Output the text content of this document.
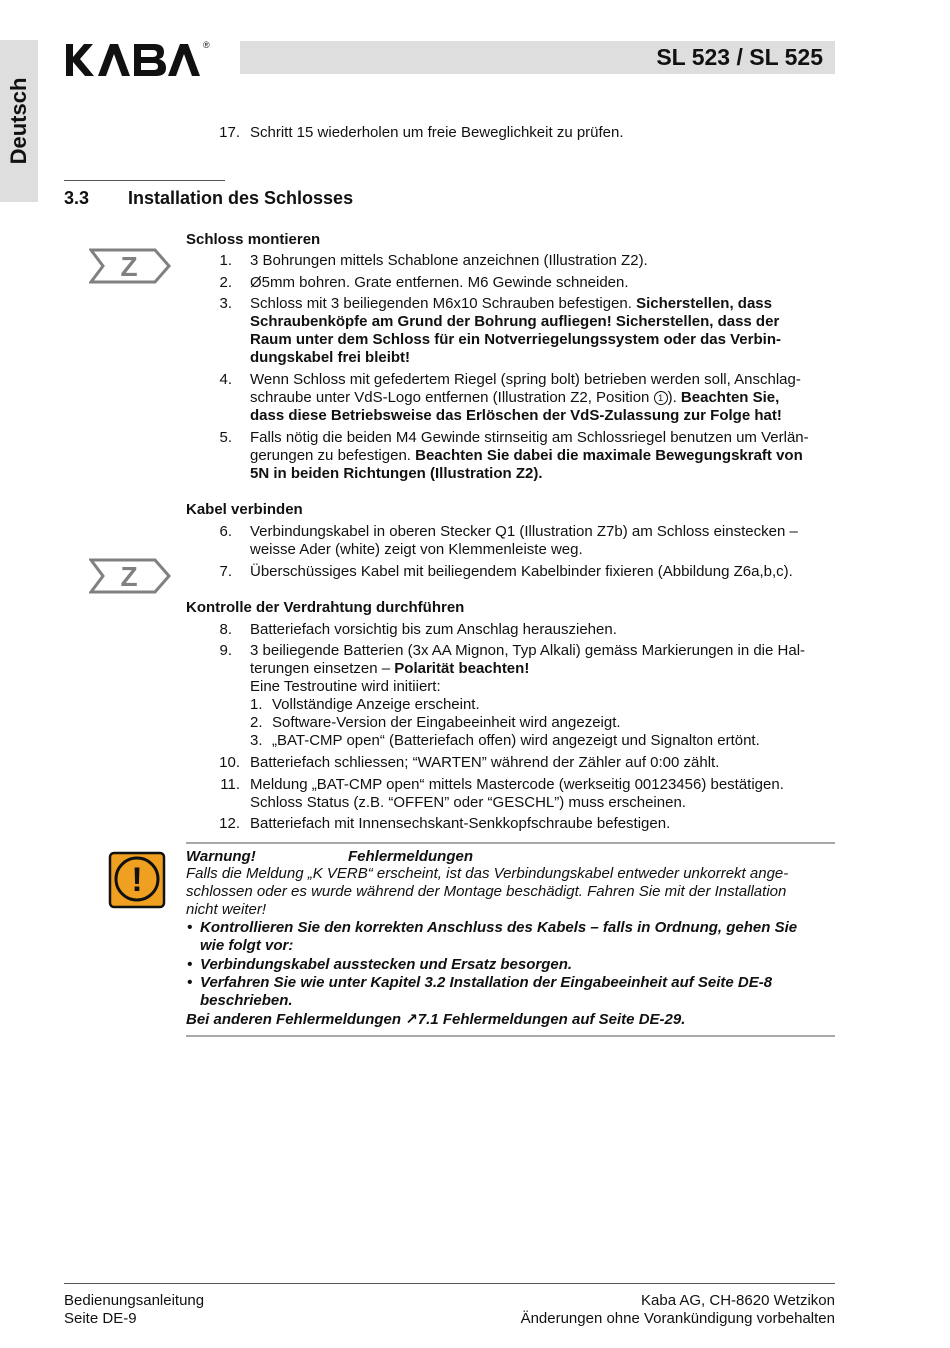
Deutsch
®	SL 523 / SL 525
17. Schritt 15 wiederholen um freie Beweglichkeit zu prüfen.
3.3 Installation des Schlosses
Z
Schloss montieren
1. 3 Bohrungen mittels Schablone anzeichnen (Illustration Z2).
2. Ø5mm bohren. Grate entfernen. M6 Gewinde schneiden.
3. Schloss mit 3 beiliegenden M6x10 Schrauben befestigen. Sicherstellen, dass
Schraubenköpfe am Grund der Bohrung aufliegen! Sicherstellen, dass der
Raum unter dem Schloss für ein Notverriegelungssystem oder das Verbin-
dungskabel frei bleibt!
4. Wenn Schloss mit gefedertem Riegel (spring bolt) betrieben werden soll, Anschlag-
schraube unter VdS-Logo entfernen (Illustration Z2, Position 1 ). Beachten Sie,
dass diese Betriebsweise das Erlöschen der VdS-Zulassung zur Folge hat!
5. Falls nötig die beiden M4 Gewinde stirnseitig am Schlossriegel benutzen um Verlän-
gerungen zu befestigen. Beachten Sie dabei die maximale Bewegungskraft von
5N in beiden Richtungen (Illustration Z2).
Kabel verbinden
6. Verbindungskabel in oberen Stecker Q1 (Illustration Z7b) am Schloss einstecken –
weisse Ader (white) zeigt von Klemmenleiste weg.
Z	7. Überschüssiges Kabel mit beiliegendem Kabelbinder fixieren (Abbildung Z6a,b,c).
Kontrolle der Verdrahtung durchführen
8. Batteriefach vorsichtig bis zum Anschlag herausziehen.
9. 3 beiliegende Batterien (3x AA Mignon, Typ Alkali) gemäss Markierungen in die Hal-
terungen einsetzen – Polarität beachten!
Eine Testroutine wird initiiert:
1. Vollständige Anzeige erscheint.
2. Software-Version der Eingabeeinheit wird angezeigt.
3. „BAT-CMP open“ (Batteriefach offen) wird angezeigt und Signalton ertönt.
10. Batteriefach schliessen; “WARTEN” während der Zähler auf 0:00 zählt.
11. Meldung „BAT-CMP open“ mittels Mastercode (werkseitig 00123456) bestätigen.
Schloss Status (z.B. “OFFEN” oder “GESCHL”) muss erscheinen.
12. Batteriefach mit Innensechskant-Senkkopfschraube befestigen.
!
Warnung!	Fehlermeldungen
Falls die Meldung „K VERB“ erscheint, ist das Verbindungskabel entweder unkorrekt ange-
schlossen oder es wurde während der Montage beschädigt. Fahren Sie mit der Installation
nicht weiter!
• Kontrollieren Sie den korrekten Anschluss des Kabels – falls in Ordnung, gehen Sie
wie folgt vor:
• Verbindungskabel ausstecken und Ersatz besorgen.
• Verfahren Sie wie unter Kapitel 3.2 Installation der Eingabeeinheit auf Seite DE-8
beschrieben.
Bei anderen Fehlermeldungen ↗7.1 Fehlermeldungen auf Seite DE-29.
Bedienungsanleitung
Seite DE-9
Kaba AG, CH-8620 Wetzikon
Änderungen ohne Vorankündigung vorbehalten
